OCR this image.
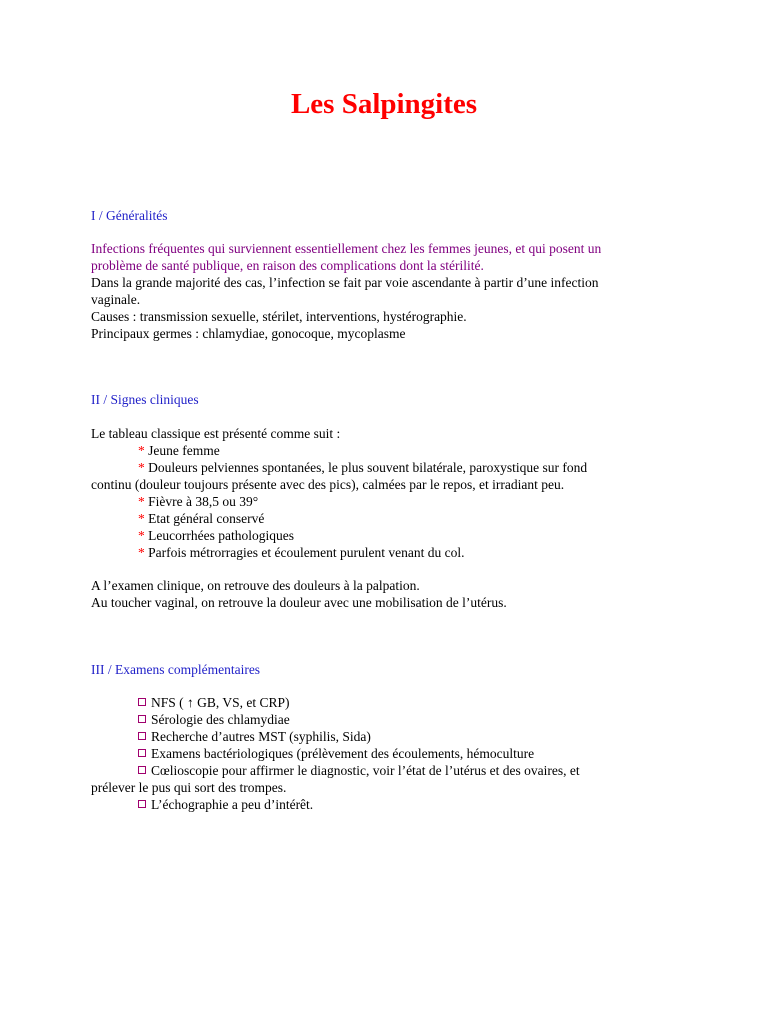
Les Salpingites
I / Généralités
Infections fréquentes qui surviennent essentiellement chez les femmes jeunes, et qui posent un
problème de santé publique, en raison des complications dont la stérilité.
Dans la grande majorité des cas, l’infection se fait par voie ascendante à partir d’une infection
vaginale.
Causes : transmission sexuelle, stérilet, interventions, hystérographie.
Principaux germes : chlamydiae, gonocoque, mycoplasme
II / Signes cliniques
Le tableau classique est présenté comme suit :
* Jeune femme
* Douleurs pelviennes spontanées, le plus souvent bilatérale, paroxystique sur fond
continu (douleur toujours présente avec des pics), calmées par le repos, et irradiant peu.
* Fièvre à 38,5 ou 39°
* Etat général conservé
* Leucorrhées pathologiques
* Parfois métrorragies et écoulement purulent venant du col.
A l’examen clinique, on retrouve des douleurs à la palpation.
Au toucher vaginal, on retrouve la douleur avec une mobilisation de l’utérus.
III / Examens complémentaires
NFS ( ↑ GB, VS, et CRP)
Sérologie des chlamydiae
Recherche d’autres MST (syphilis, Sida)
Examens bactériologiques (prélèvement des écoulements, hémoculture
Cœlioscopie pour affirmer le diagnostic, voir l’état de l’utérus et des ovaires, et
prélever le pus qui sort des trompes.
L’échographie a peu d’intérêt.
